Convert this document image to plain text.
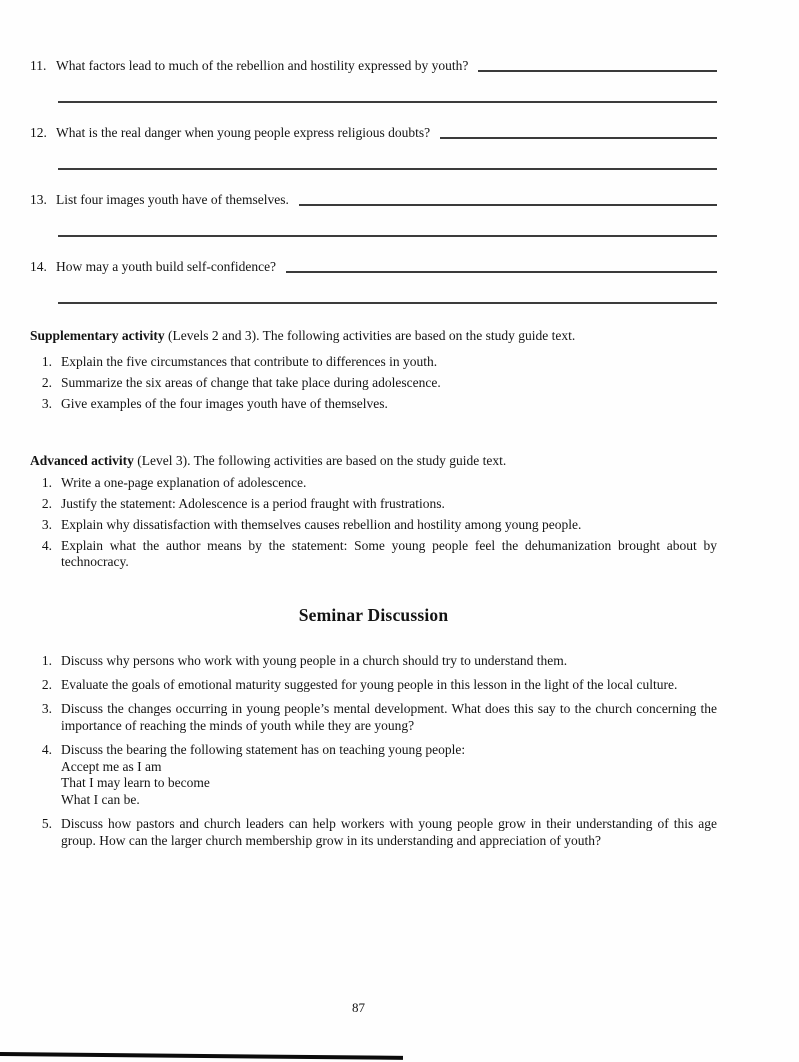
11. What factors lead to much of the rebellion and hostility expressed by youth?
12. What is the real danger when young people express religious doubts?
13. List four images youth have of themselves.
14. How may a youth build self-confidence?
Supplementary activity (Levels 2 and 3). The following activities are based on the study guide text.
1. Explain the five circumstances that contribute to differences in youth.
2. Summarize the six areas of change that take place during adolescence.
3. Give examples of the four images youth have of themselves.
Advanced activity (Level 3). The following activities are based on the study guide text.
1. Write a one-page explanation of adolescence.
2. Justify the statement: Adolescence is a period fraught with frustrations.
3. Explain why dissatisfaction with themselves causes rebellion and hostility among young people.
4. Explain what the author means by the statement: Some young people feel the dehumanization brought about by technocracy.
Seminar Discussion
1. Discuss why persons who work with young people in a church should try to understand them.
2. Evaluate the goals of emotional maturity suggested for young people in this lesson in the light of the local culture.
3. Discuss the changes occurring in young people’s mental development. What does this say to the church concerning the importance of reaching the minds of youth while they are young?
4. Discuss the bearing the following statement has on teaching young people:
Accept me as I am
That I may learn to become
What I can be.
5. Discuss how pastors and church leaders can help workers with young people grow in their understanding of this age group. How can the larger church membership grow in its understanding and appreciation of youth?
87
